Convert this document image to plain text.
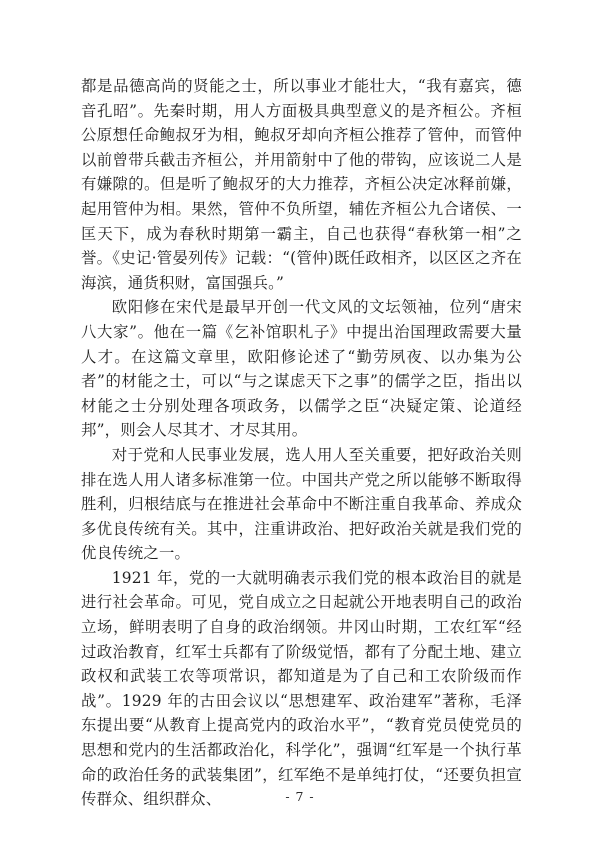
都是品德高尚的贤能之士，所以事业才能壮大，“我有嘉宾，德音孔昭”。先秦时期，用人方面极具典型意义的是齐桓公。齐桓公原想任命鲍叔牙为相，鲍叔牙却向齐桓公推荐了管仲，而管仲以前曾带兵截击齐桓公，并用箭射中了他的带钩，应该说二人是有嫌隙的。但是听了鲍叔牙的大力推荐，齐桓公决定冰释前嫌，起用管仲为相。果然，管仲不负所望，辅佐齐桓公九合诸侯、一匡天下，成为春秋时期第一霸主，自己也获得“春秋第一相”之誉。《史记·管晏列传》记载：“(管仲)既任政相齐，以区区之齐在海滨，通货积财，富国强兵。”

欧阳修在宋代是最早开创一代文风的文坛领袖，位列“唐宋八大家”。他在一篇《乞补馆职札子》中提出治国理政需要大量人才。在这篇文章里，欧阳修论述了“勤劳夙夜、以办集为公者”的材能之士，可以“与之谋虑天下之事”的儒学之臣，指出以材能之士分别处理各项政务，以儒学之臣“决疑定策、论道经邦”，则会人尽其才、才尽其用。

对于党和人民事业发展，选人用人至关重要，把好政治关则排在选人用人诸多标准第一位。中国共产党之所以能够不断取得胜利，归根结底与在推进社会革命中不断注重自我革命、养成众多优良传统有关。其中，注重讲政治、把好政治关就是我们党的优良传统之一。

1921 年，党的一大就明确表示我们党的根本政治目的就是进行社会革命。可见，党自成立之日起就公开地表明自己的政治立场，鲜明表明了自身的政治纲领。井冈山时期，工农红军“经过政治教育，红军士兵都有了阶级觉悟，都有了分配土地、建立政权和武装工农等项常识，都知道是为了自己和工农阶级而作战”。1929 年的古田会议以“思想建军、政治建军”著称，毛泽东提出要“从教育上提高党内的政治水平”，“教育党员使党员的思想和党内的生活都政治化，科学化”，强调“红军是一个执行革命的政治任务的武装集团”，红军绝不是单纯打仗，“还要负担宣传群众、组织群众、	- 7 -
